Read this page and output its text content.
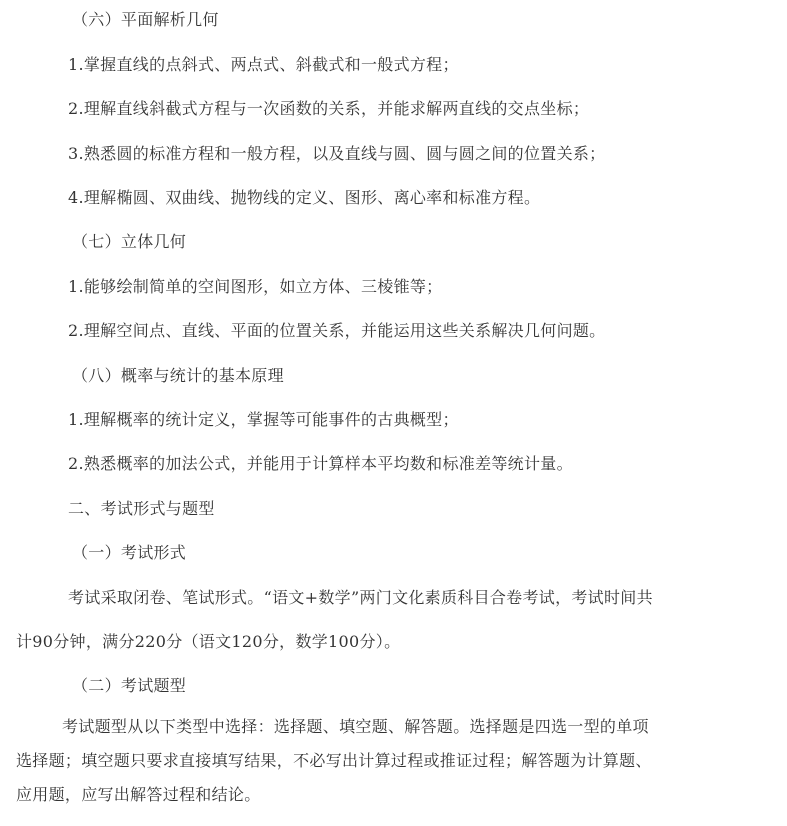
（六）平面解析几何
1.掌握直线的点斜式、两点式、斜截式和一般式方程；
2.理解直线斜截式方程与一次函数的关系，并能求解两直线的交点坐标；
3.熟悉圆的标准方程和一般方程，以及直线与圆、圆与圆之间的位置关系；
4.理解椭圆、双曲线、抛物线的定义、图形、离心率和标准方程。
（七）立体几何
1.能够绘制简单的空间图形，如立方体、三棱锥等；
2.理解空间点、直线、平面的位置关系，并能运用这些关系解决几何问题。
（八）概率与统计的基本原理
1.理解概率的统计定义，掌握等可能事件的古典概型；
2.熟悉概率的加法公式，并能用于计算样本平均数和标准差等统计量。
二、考试形式与题型
（一）考试形式
考试采取闭卷、笔试形式。“语文+数学”两门文化素质科目合卷考试，考试时间共
计90分钟，满分220分（语文120分，数学100分）。
（二）考试题型
考试题型从以下类型中选择：选择题、填空题、解答题。选择题是四选一型的单项
选择题；填空题只要求直接填写结果，不必写出计算过程或推证过程；解答题为计算题、
应用题，应写出解答过程和结论。
